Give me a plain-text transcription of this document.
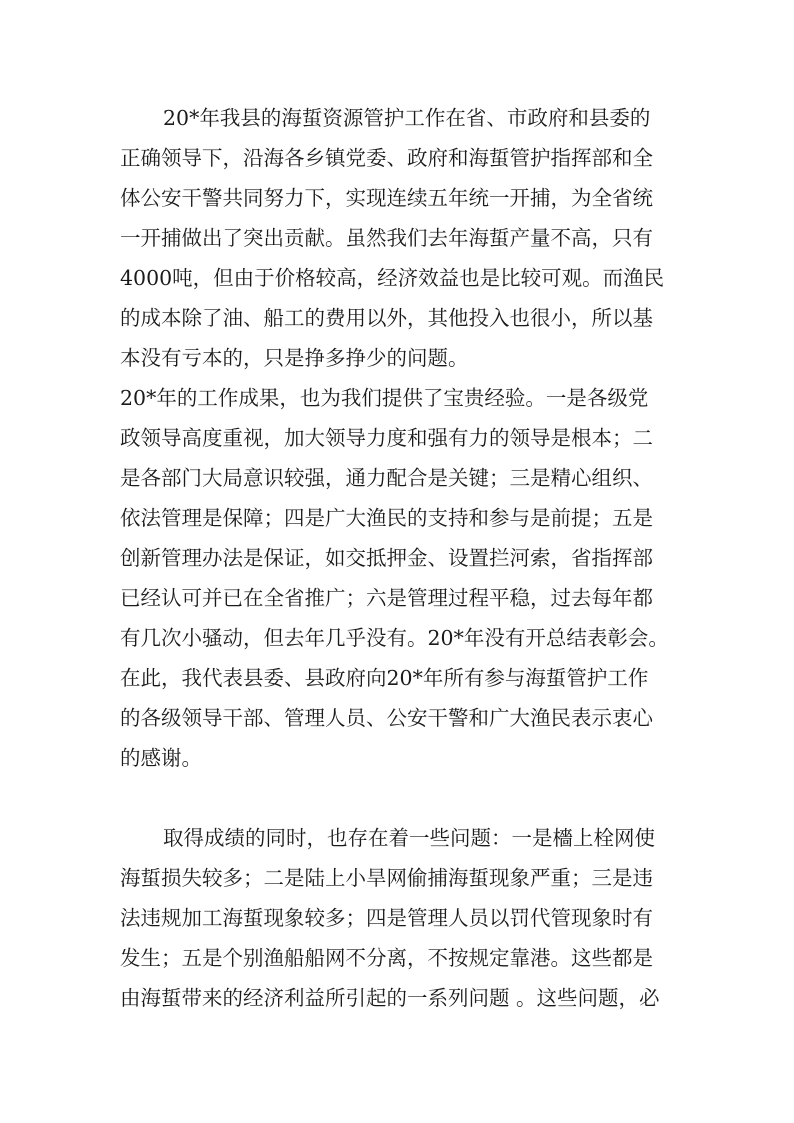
20*年我县的海蜇资源管护工作在省、市政府和县委的
正确领导下，沿海各乡镇党委、政府和海蜇管护指挥部和全
体公安干警共同努力下，实现连续五年统一开捕，为全省统
一开捕做出了突出贡献。虽然我们去年海蜇产量不高，只有
4000吨，但由于价格较高，经济效益也是比较可观。而渔民
的成本除了油、船工的费用以外，其他投入也很小，所以基
本没有亏本的，只是挣多挣少的问题。
20*年的工作成果，也为我们提供了宝贵经验。一是各级党
政领导高度重视，加大领导力度和强有力的领导是根本；二
是各部门大局意识较强，通力配合是关键；三是精心组织、
依法管理是保障；四是广大渔民的支持和参与是前提；五是
创新管理办法是保证，如交抵押金、设置拦河索，省指挥部
已经认可并已在全省推广；六是管理过程平稳，过去每年都
有几次小骚动，但去年几乎没有。20*年没有开总结表彰会。
在此，我代表县委、县政府向20*年所有参与海蜇管护工作
的各级领导干部、管理人员、公安干警和广大渔民表示衷心
的感谢。
取得成绩的同时，也存在着一些问题：一是檣上栓网使
海蜇损失较多；二是陆上小旱网偷捕海蜇现象严重；三是违
法违规加工海蜇现象较多；四是管理人员以罚代管现象时有
发生；五是个别渔船船网不分离，不按规定靠港。这些都是
由海蜇带来的经济利益所引起的一系列问题 。这些问题，必
